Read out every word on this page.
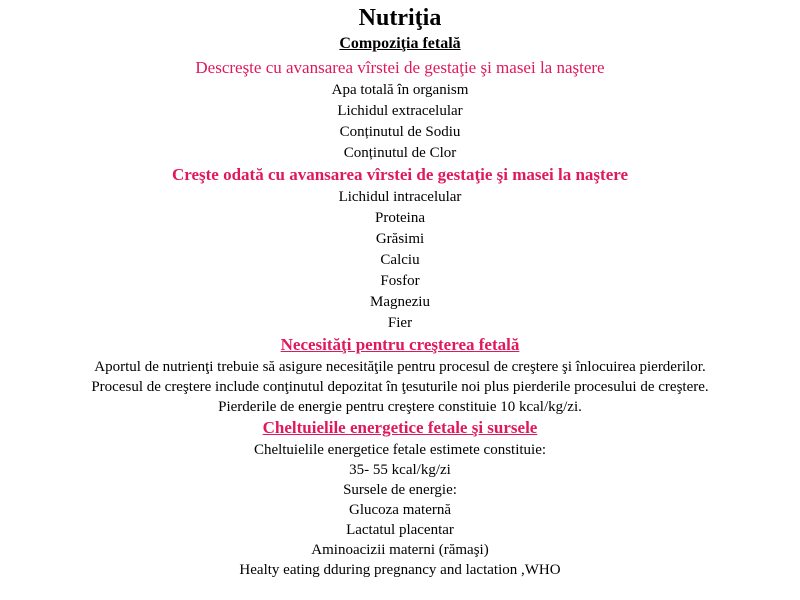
Nutriţia
Compoziţia fetală
Descreşte cu avansarea vîrstei de gestaţie şi masei la naştere
Apa totală în organism
Lichidul extracelular
Conținutul de Sodiu
Conținutul de Clor
Creşte odată cu avansarea vîrstei de gestaţie şi masei la naştere
Lichidul intracelular
Proteina
Grăsimi
Calciu
Fosfor
Magneziu
Fier
Necesităţi pentru creşterea fetală

Aportul de nutrienţi trebuie să asigure necesităţile pentru procesul de creştere şi înlocuirea pierderilor.

Procesul de creştere include conţinutul depozitat în ţesuturile noi plus pierderile procesului de creştere.

Pierderile de energie pentru creştere constituie 10 kcal/kg/zi.

Cheltuielile energetice fetale şi sursele

Cheltuielile energetice fetale estimete constituie:

35- 55 kcal/kg/zi

Sursele de energie:

Glucoza maternă

Lactatul placentar

Aminoacizii materni (rămaşi)

Healty eating dduring pregnancy and lactation ,WHO
